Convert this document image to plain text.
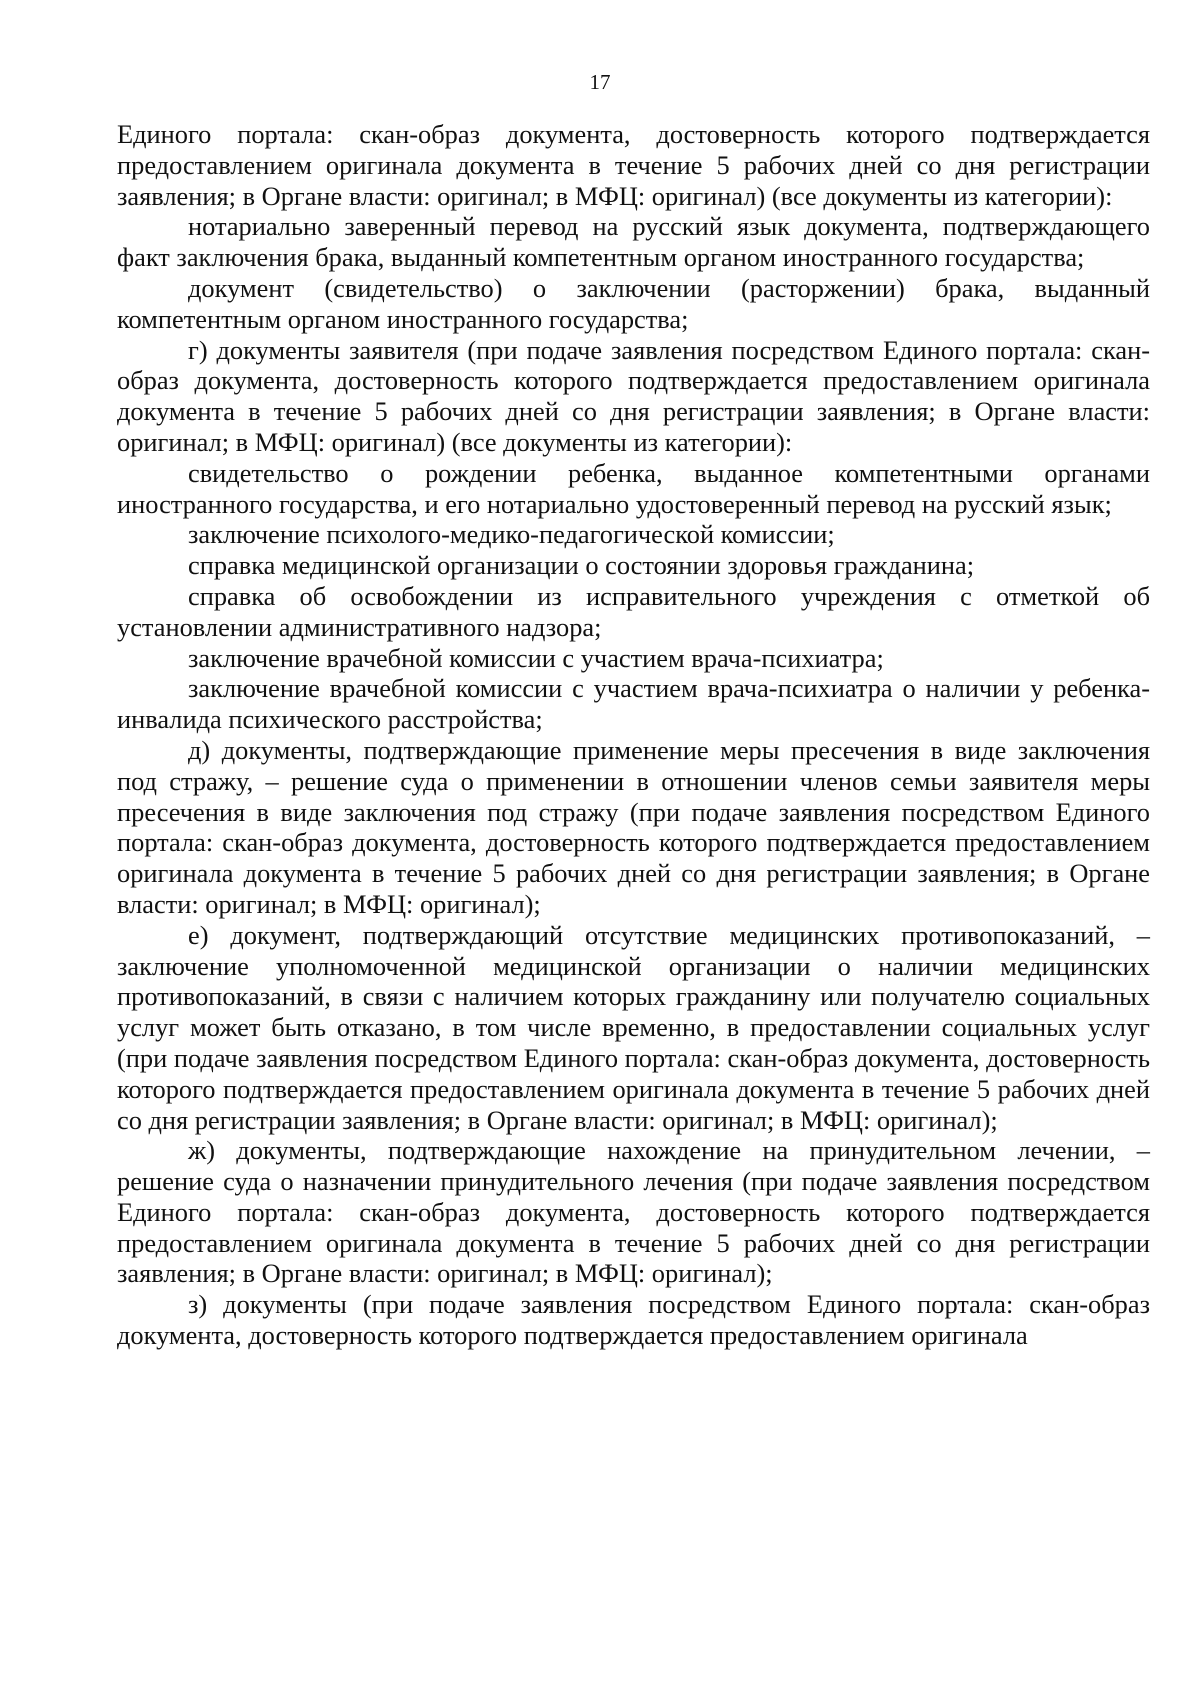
17

Единого портала: скан-образ документа, достоверность которого подтверждается предоставлением оригинала документа в течение 5 рабочих дней со дня регистрации заявления; в Органе власти: оригинал; в МФЦ: оригинал) (все документы из категории):

нотариально заверенный перевод на русский язык документа, подтверждающего факт заключения брака, выданный компетентным органом иностранного государства;

документ (свидетельство) о заключении (расторжении) брака, выданный компетентным органом иностранного государства;

г) документы заявителя (при подаче заявления посредством Единого портала: скан-образ документа, достоверность которого подтверждается предоставлением оригинала документа в течение 5 рабочих дней со дня регистрации заявления; в Органе власти: оригинал; в МФЦ: оригинал) (все документы из категории):

свидетельство о рождении ребенка, выданное компетентными органами иностранного государства, и его нотариально удостоверенный перевод на русский язык;

заключение психолого-медико-педагогической комиссии;

справка медицинской организации о состоянии здоровья гражданина;

справка об освобождении из исправительного учреждения с отметкой об установлении административного надзора;

заключение врачебной комиссии с участием врача-психиатра;

заключение врачебной комиссии с участием врача-психиатра о наличии у ребенка-инвалида психического расстройства;

д) документы, подтверждающие применение меры пресечения в виде заключения под стражу, – решение суда о применении в отношении членов семьи заявителя меры пресечения в виде заключения под стражу (при подаче заявления посредством Единого портала: скан-образ документа, достоверность которого подтверждается предоставлением оригинала документа в течение 5 рабочих дней со дня регистрации заявления; в Органе власти: оригинал; в МФЦ: оригинал);

е) документ, подтверждающий отсутствие медицинских противопоказаний, – заключение уполномоченной медицинской организации о наличии медицинских противопоказаний, в связи с наличием которых гражданину или получателю социальных услуг может быть отказано, в том числе временно, в предоставлении социальных услуг (при подаче заявления посредством Единого портала: скан-образ документа, достоверность которого подтверждается предоставлением оригинала документа в течение 5 рабочих дней со дня регистрации заявления; в Органе власти: оригинал; в МФЦ: оригинал);

ж) документы, подтверждающие нахождение на принудительном лечении, – решение суда о назначении принудительного лечения (при подаче заявления посредством Единого портала: скан-образ документа, достоверность которого подтверждается предоставлением оригинала документа в течение 5 рабочих дней со дня регистрации заявления; в Органе власти: оригинал; в МФЦ: оригинал);

з) документы (при подаче заявления посредством Единого портала: скан-образ документа, достоверность которого подтверждается предоставлением оригинала
